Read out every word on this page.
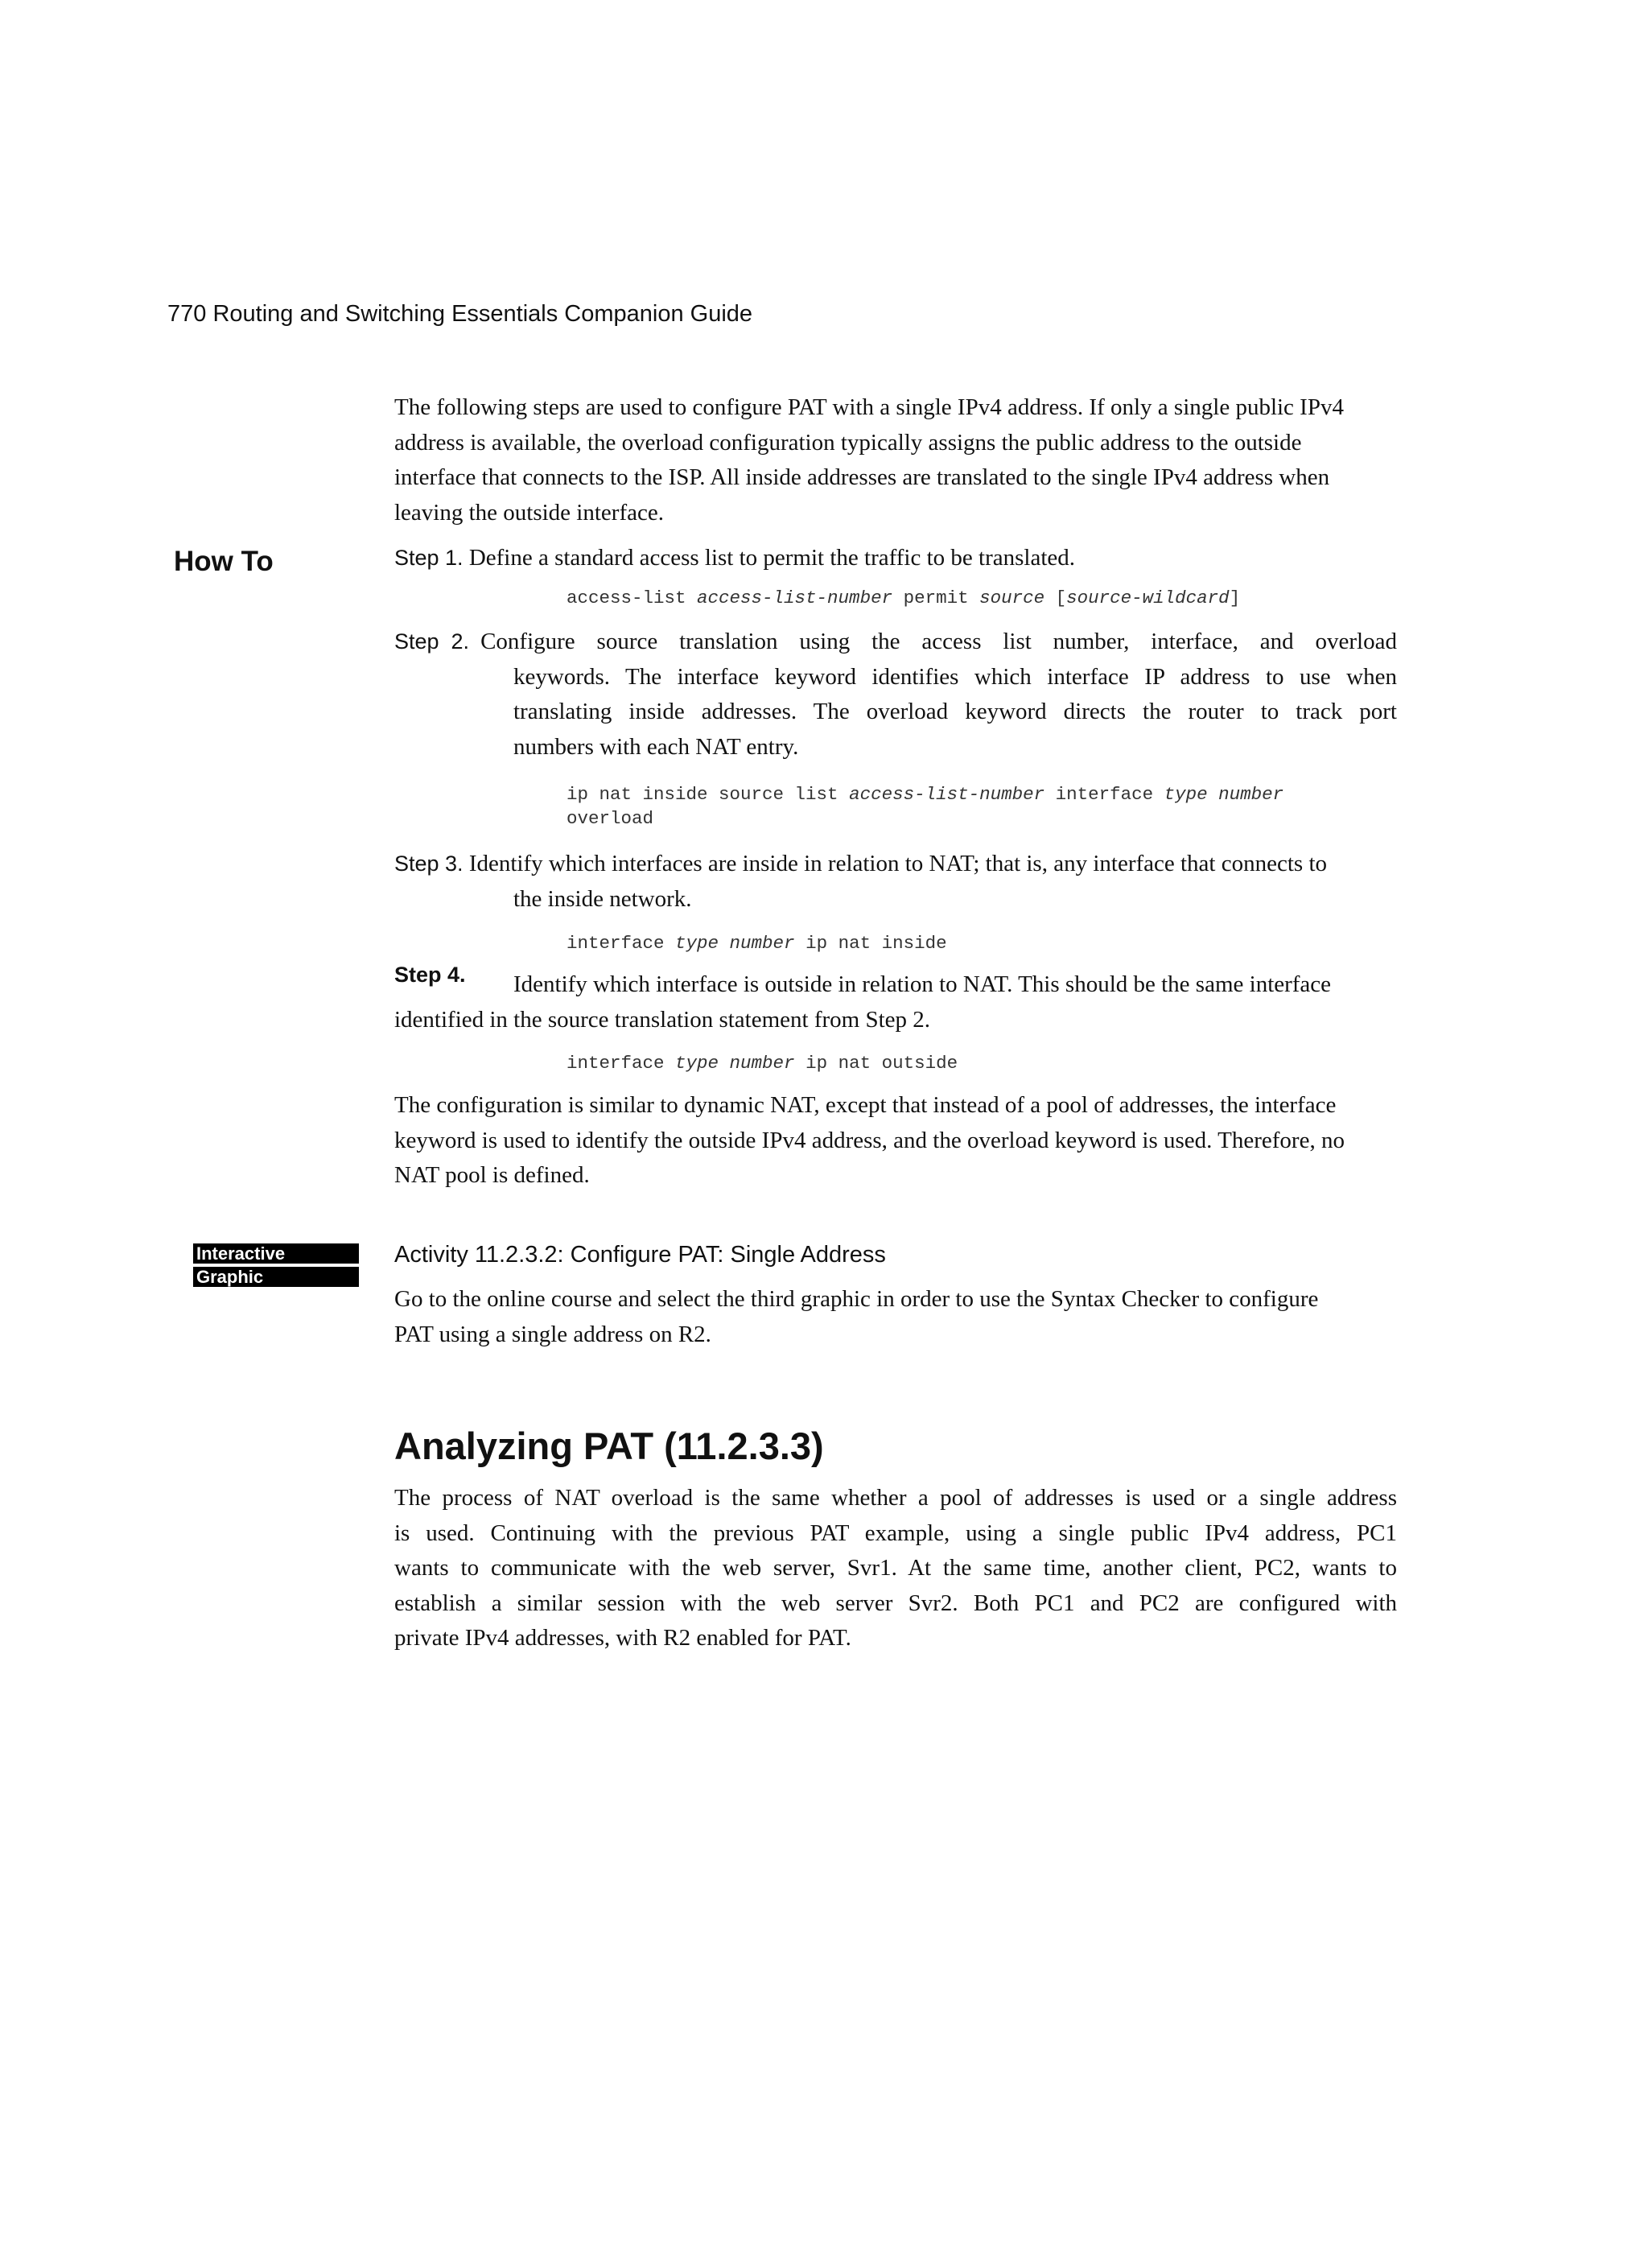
770 Routing and Switching Essentials Companion Guide

The following steps are used to configure PAT with a single IPv4 address. If only a single public IPv4

address is available, the overload configuration typically assigns the public address to the outside

interface that connects to the ISP. All inside addresses are translated to the single IPv4 address when

leaving the outside interface.

How To	Step 1. Define a standard access list to permit the traffic to be translated.
access-list access-list-number permit source [source-wildcard]
Step  2. Configure  source  translation  using  the  access  list  number,  interface,  and  overload
keywords. The interface keyword identifies which interface IP address to use when
translating inside addresses. The overload keyword directs the router to track port
numbers with each NAT entry.
ip nat inside source list access-list-number interface type number
overload
Step 3. Identify which interfaces are inside in relation to NAT; that is, any interface that connects to
the inside network.
interface type number ip nat inside
Step 4. Identify which interface is outside in relation to NAT. This should be the same interface
identified in the source translation statement from Step 2.
interface type number ip nat outside

The configuration is similar to dynamic NAT, except that instead of a pool of addresses, the interface

keyword is used to identify the outside IPv4 address, and the overload keyword is used. Therefore, no

NAT pool is defined.

Interactive
Graphic
Activity 11.2.3.2: Configure PAT: Single Address

Go to the online course and select the third graphic in order to use the Syntax Checker to configure

PAT using a single address on R2.

Analyzing PAT (11.2.3.3)

The process of NAT overload is the same whether a pool of addresses is used or a single address

is used. Continuing with the previous PAT example, using a single public IPv4 address, PC1

wants to communicate with the web server, Svr1. At the same time, another client, PC2, wants to

establish a similar session with the web server Svr2. Both PC1 and PC2 are configured with

private IPv4 addresses, with R2 enabled for PAT.
